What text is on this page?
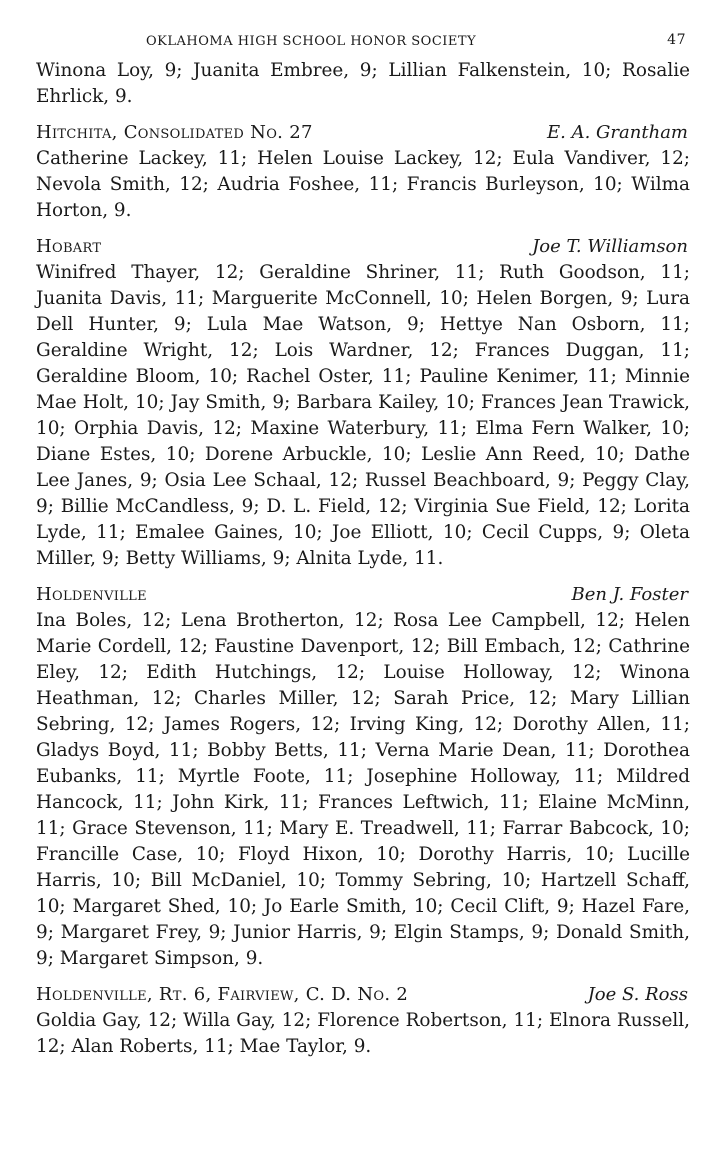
OKLAHOMA HIGH SCHOOL HONOR SOCIETY	47

Winona Loy, 9; Juanita Embree, 9; Lillian Falkenstein, 10; Rosalie Ehrlick, 9.

Hitchita, Consolidated No. 27	E. A. Grantham

Catherine Lackey, 11; Helen Louise Lackey, 12; Eula Vandiver, 12; Nevola Smith, 12; Audria Foshee, 11; Francis Burleyson, 10; Wilma Horton, 9.

Hobart	Joe T. Williamson

Winifred Thayer, 12; Geraldine Shriner, 11; Ruth Goodson, 11; Juanita Davis, 11; Marguerite McConnell, 10; Helen Borgen, 9; Lura Dell Hunter, 9; Lula Mae Watson, 9; Hettye Nan Osborn, 11; Geraldine Wright, 12; Lois Wardner, 12; Frances Duggan, 11; Geraldine Bloom, 10; Rachel Oster, 11; Pauline Kenimer, 11; Minnie Mae Holt, 10; Jay Smith, 9; Barbara Kailey, 10; Frances Jean Trawick, 10; Orphia Davis, 12; Maxine Waterbury, 11; Elma Fern Walker, 10; Diane Estes, 10; Dorene Arbuckle, 10; Leslie Ann Reed, 10; Dathe Lee Janes, 9; Osia Lee Schaal, 12; Russel Beachboard, 9; Peggy Clay, 9; Billie McCandless, 9; D. L. Field, 12; Virginia Sue Field, 12; Lorita Lyde, 11; Emalee Gaines, 10; Joe Elliott, 10; Cecil Cupps, 9; Oleta Miller, 9; Betty Williams, 9; Alnita Lyde, 11.

Holdenville	Ben J. Foster

Ina Boles, 12; Lena Brotherton, 12; Rosa Lee Campbell, 12; Helen Marie Cordell, 12; Faustine Davenport, 12; Bill Embach, 12; Cathrine Eley, 12; Edith Hutchings, 12; Louise Holloway, 12; Winona Heathman, 12; Charles Miller, 12; Sarah Price, 12; Mary Lillian Sebring, 12; James Rogers, 12; Irving King, 12; Dorothy Allen, 11; Gladys Boyd, 11; Bobby Betts, 11; Verna Marie Dean, 11; Dorothea Eubanks, 11; Myrtle Foote, 11; Josephine Holloway, 11; Mildred Hancock, 11; John Kirk, 11; Frances Leftwich, 11; Elaine McMinn, 11; Grace Stevenson, 11; Mary E. Treadwell, 11; Farrar Babcock, 10; Francille Case, 10; Floyd Hixon, 10; Dorothy Harris, 10; Lucille Harris, 10; Bill McDaniel, 10; Tommy Sebring, 10; Hartzell Schaff, 10; Margaret Shed, 10; Jo Earle Smith, 10; Cecil Clift, 9; Hazel Fare, 9; Margaret Frey, 9; Junior Harris, 9; Elgin Stamps, 9; Donald Smith, 9; Margaret Simpson, 9.

Holdenville, Rt. 6, Fairview, C. D. No. 2	Joe S. Ross

Goldia Gay, 12; Willa Gay, 12; Florence Robertson, 11; Elnora Russell, 12; Alan Roberts, 11; Mae Taylor, 9.
